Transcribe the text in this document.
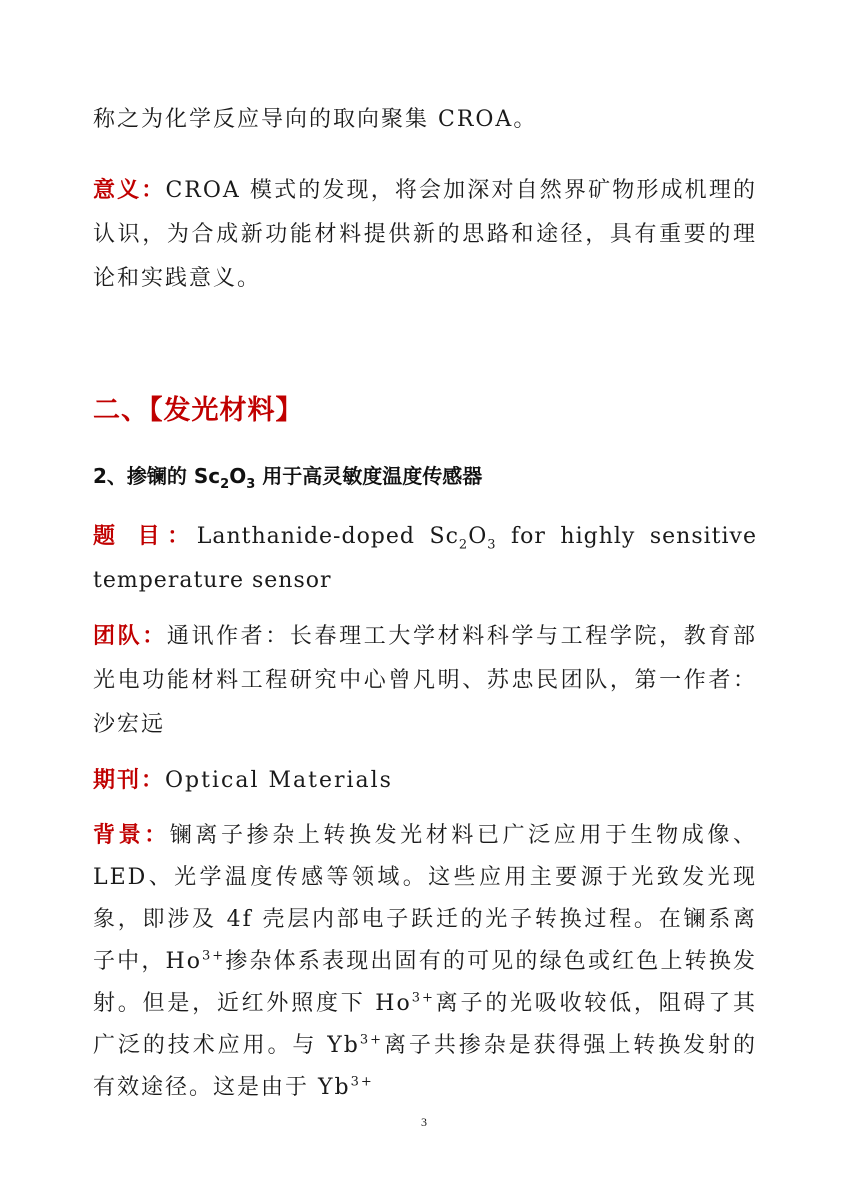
称之为化学反应导向的取向聚集 CROA。
意义：CROA 模式的发现，将会加深对自然界矿物形成机理的认识，为合成新功能材料提供新的思路和途径，具有重要的理论和实践意义。
二、【发光材料】
2、掺镧的 $Sc_2O_3$ 用于高灵敏度温度传感器
题 目：Lanthanide-doped $Sc_2O_3$ for highly sensitive temperature sensor
团队：通讯作者：长春理工大学材料科学与工程学院，教育部光电功能材料工程研究中心曾凡明、苏忠民团队，第一作者：沙宏远
期刊：Optical Materials
背景：镧离子掺杂上转换发光材料已广泛应用于生物成像、LED、光学温度传感等领域。这些应用主要源于光致发光现象，即涉及 4f 壳层内部电子跃迁的光子转换过程。在镧系离子中，$Ho^{3+}$掺杂体系表现出固有的可见的绿色或红色上转换发射。但是，近红外照度下 $Ho^{3+}$离子的光吸收较低，阻碍了其广泛的技术应用。与 $Yb^{3+}$离子共掺杂是获得强上转换发射的有效途径。这是由于 $Yb^{3+}$
3
